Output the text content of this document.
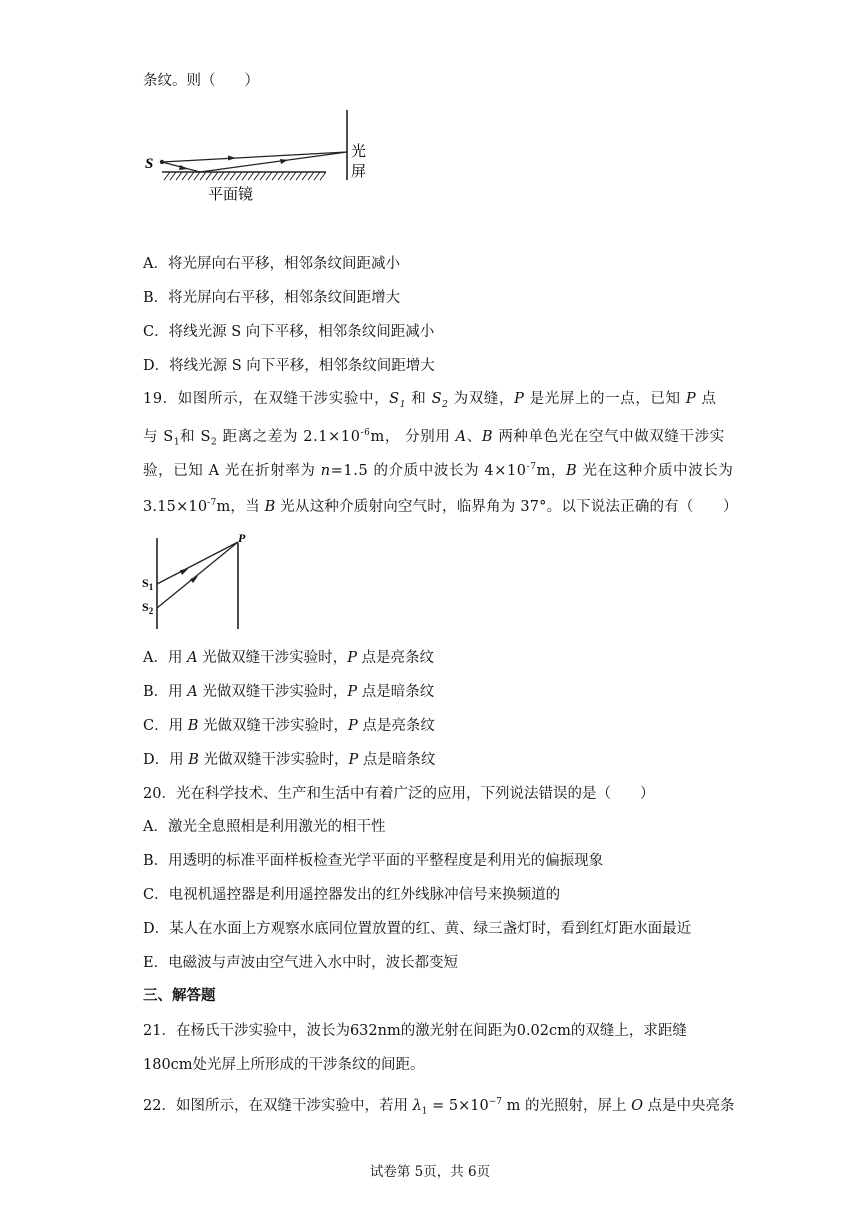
条纹。则（　　）
S
光
屏
平面镜
A．将光屏向右平移，相邻条纹间距减小
B．将光屏向右平移，相邻条纹间距增大
C．将线光源 S 向下平移，相邻条纹间距减小
D．将线光源 S 向下平移，相邻条纹间距增大
19．如图所示，在双缝干涉实验中，$S_1$ 和 $S_2$ 为双缝，P 是光屏上的一点，已知 P 点
与 $S_1$和 $S_2$ 距离之差为 $2.1\times 10^{-6}m$， 分别用 A、B 两种单色光在空气中做双缝干涉实
验，已知 A 光在折射率为 n=1.5 的介质中波长为 $4\times 10^{-7}m$，B 光在这种介质中波长为
$3.15\times 10^{-7}m$，当 B 光从这种介质射向空气时，临界角为 37°。以下说法正确的有（　　）
P
$S_1$
$S_2$
A．用 A 光做双缝干涉实验时，P 点是亮条纹
B．用 A 光做双缝干涉实验时，P 点是暗条纹
C．用 B 光做双缝干涉实验时，P 点是亮条纹
D．用 B 光做双缝干涉实验时，P 点是暗条纹
20．光在科学技术、生产和生活中有着广泛的应用，下列说法错误的是（　　）
A．激光全息照相是利用激光的相干性
B．用透明的标准平面样板检查光学平面的平整程度是利用光的偏振现象
C．电视机遥控器是利用遥控器发出的红外线脉冲信号来换频道的
D．某人在水面上方观察水底同位置放置的红、黄、绿三盏灯时，看到红灯距水面最近
E．电磁波与声波由空气进入水中时，波长都变短
三、解答题
21．在杨氏干涉实验中，波长为632nm的激光射在间距为0.02cm的双缝上，求距缝
180cm处光屏上所形成的干涉条纹的间距。
22．如图所示，在双缝干涉实验中，若用 $\lambda_1 = 5\times 10^{-7}$ m 的光照射，屏上 O 点是中央亮条
试卷第 5页，共 6页
